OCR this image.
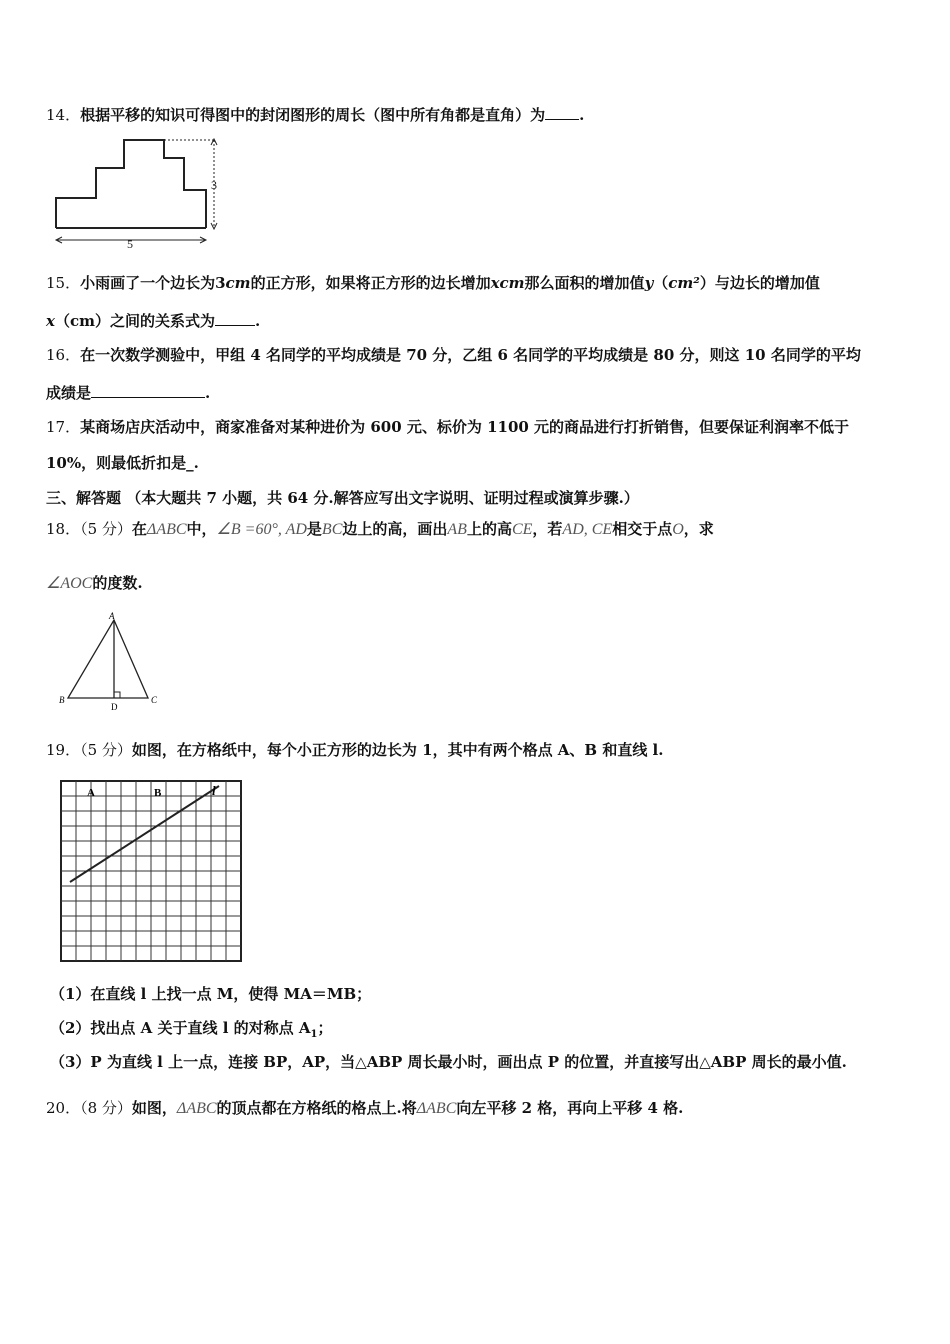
14．根据平移的知识可得图中的封闭图形的周长（图中所有角都是直角）为 .
3
5
15．小雨画了一个边长为3cm的正方形，如果将正方形的边长增加xcm那么面积的增加值y（cm²）与边长的增加值
x（cm）之间的关系式为	.
16．在一次数学测验中，甲组 4 名同学的平均成绩是 70 分，乙组 6 名同学的平均成绩是 80 分，则这 10 名同学的平均
成绩是	.
17．某商场店庆活动中，商家准备对某种进价为 600 元、标价为 1100 元的商品进行打折销售，但要保证利润率不低于
10%，则最低折扣是_.
三、解答题 （本大题共 7 小题，共 64 分.解答应写出文字说明、证明过程或演算步骤.）
18．（5 分）在ΔABC中，∠B =60°, AD是BC边上的高，画出AB上的高CE，若AD, CE相交于点O，求
∠AOC的度数.
A
B	C
D
19．（5 分）如图，在方格纸中，每个小正方形的边长为 1，其中有两个格点 A、B 和直线 l.
A	B	l
（1）在直线 l 上找一点 M，使得 MA＝MB；
（2）找出点 A 关于直线 l 的对称点 $A_1$；
（3）P 为直线 l 上一点，连接 BP，AP，当△ABP 周长最小时，画出点 P 的位置，并直接写出△ABP 周长的最小值.
20．（8 分）如图，ΔABC的顶点都在方格纸的格点上.将ΔABC向左平移 2 格，再向上平移 4 格.
